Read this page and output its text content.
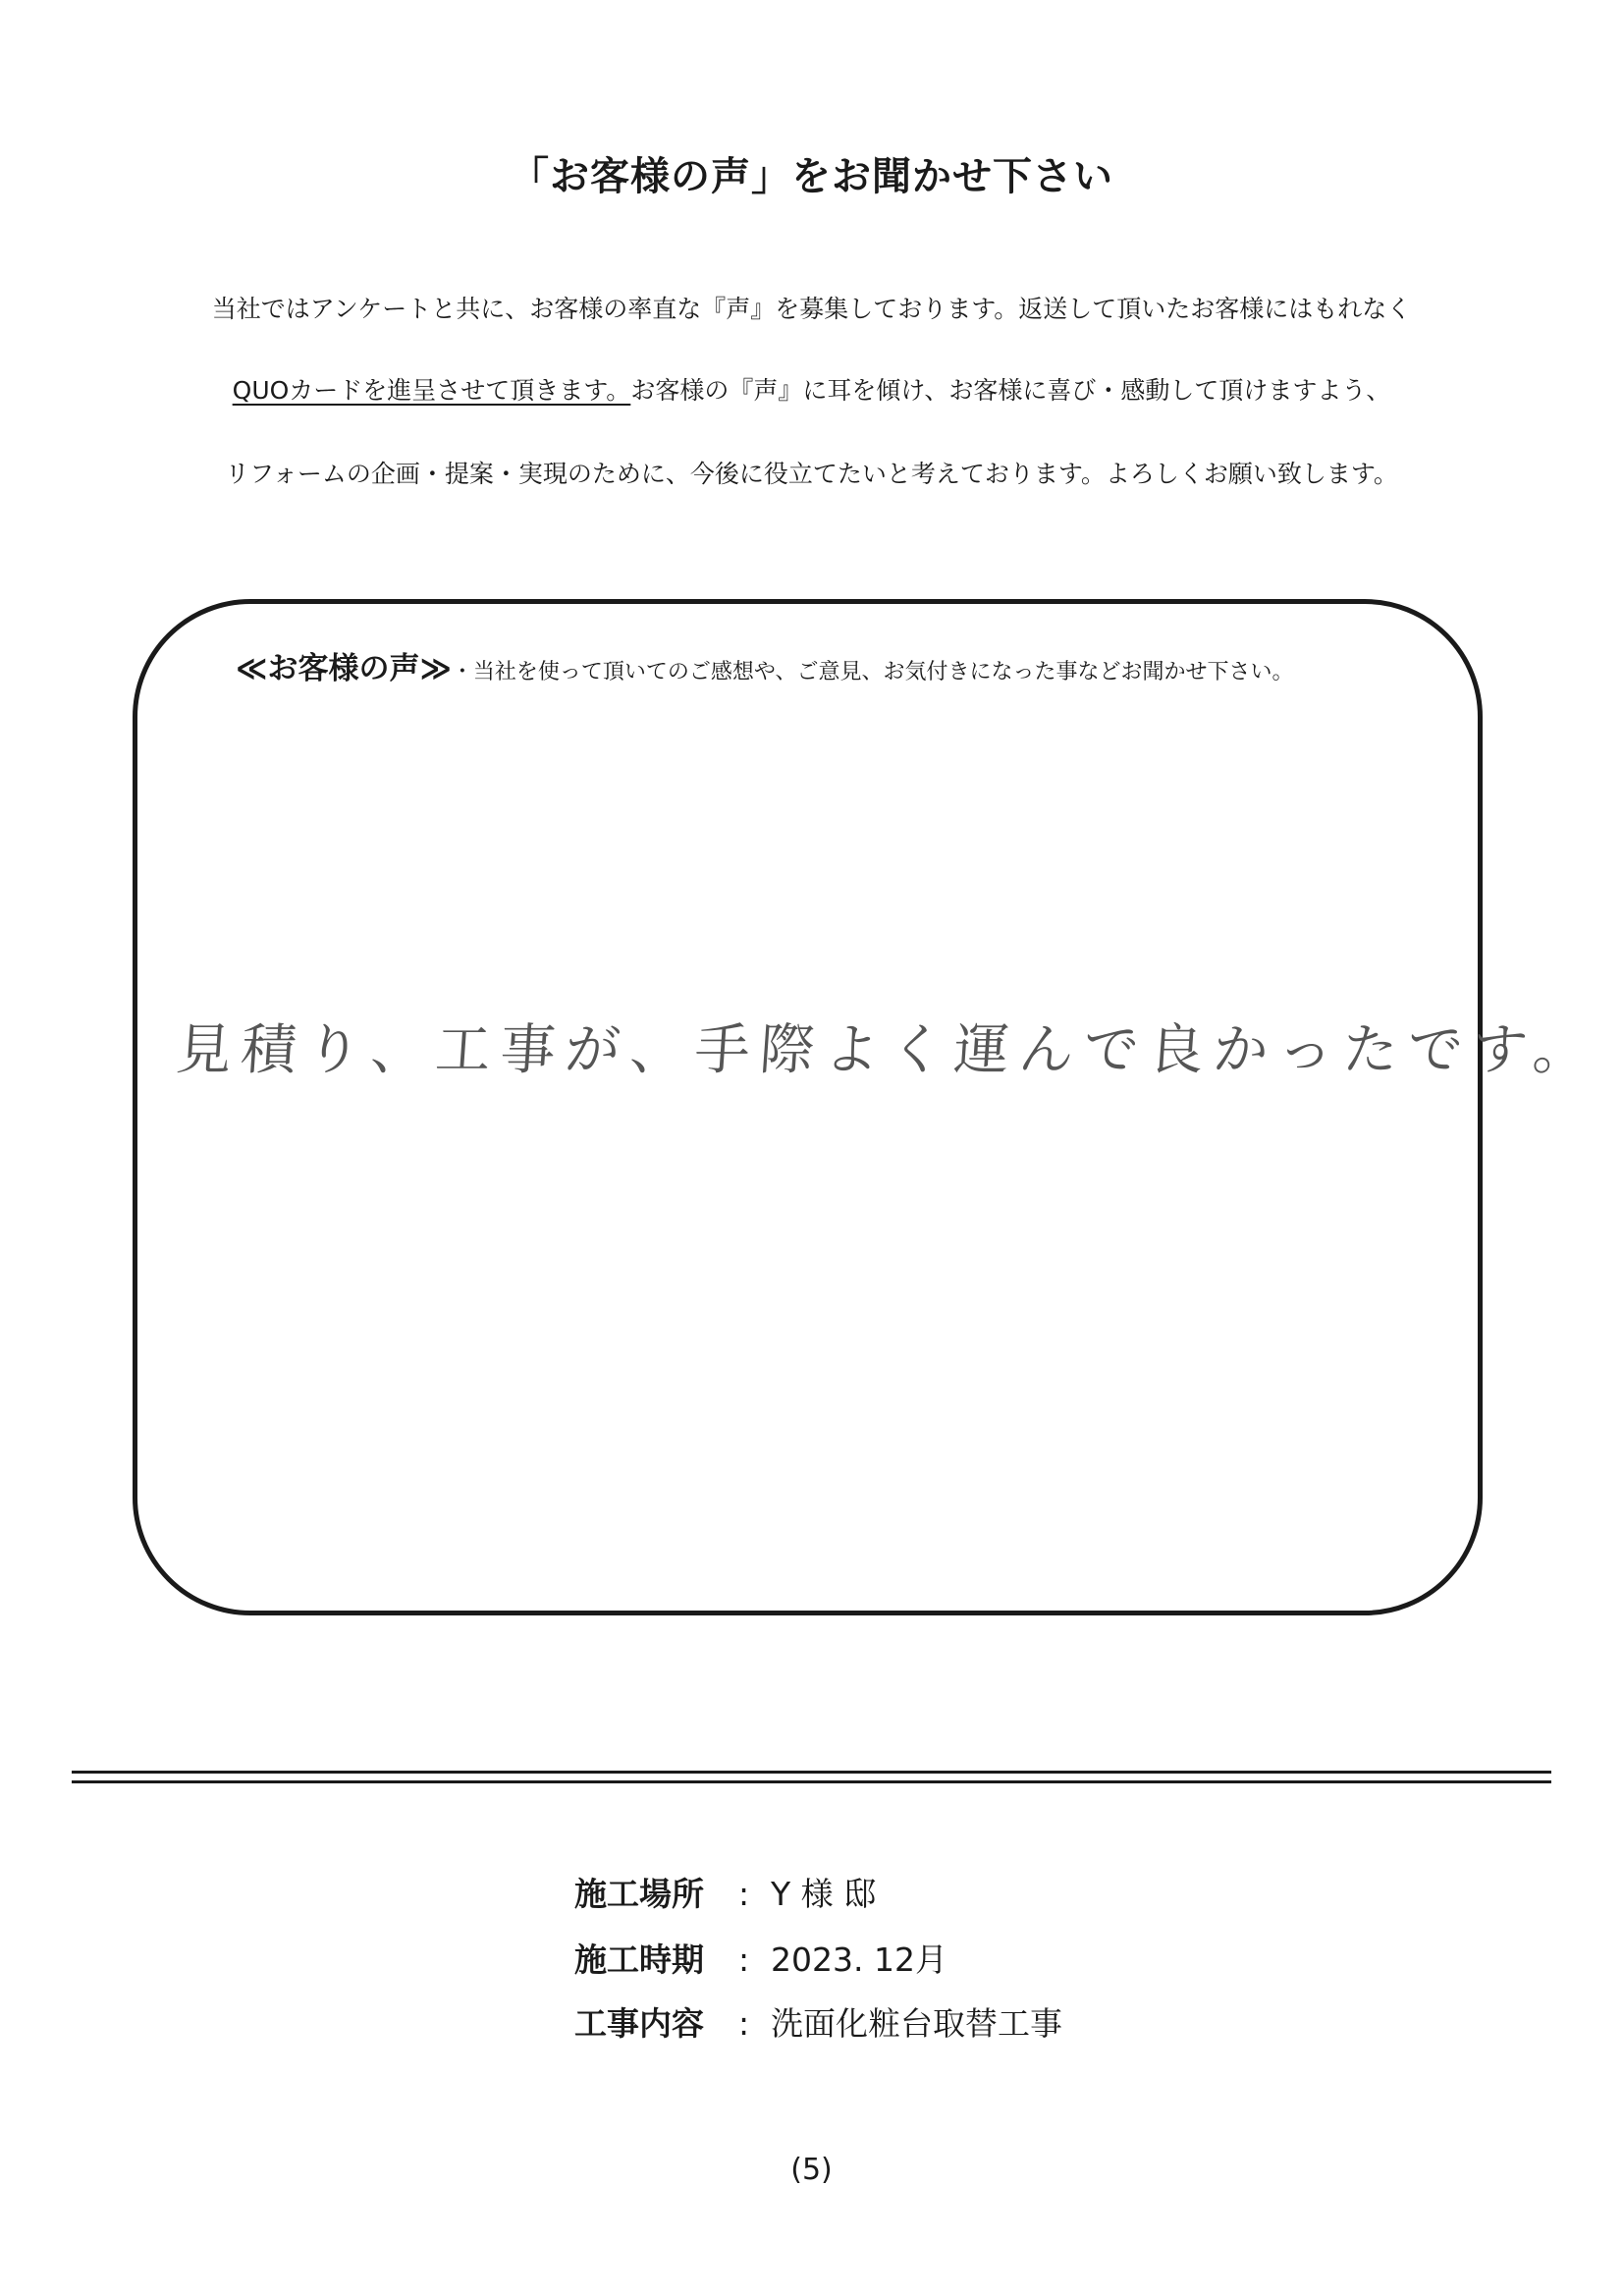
「お客様の声」をお聞かせ下さい
当社ではアンケートと共に、お客様の率直な『声』を募集しております。返送して頂いたお客様にはもれなく
QUOカードを進呈させて頂きます。お客様の『声』に耳を傾け、お客様に喜び・感動して頂けますよう、
リフォームの企画・提案・実現のために、今後に役立てたいと考えております。よろしくお願い致します。
≪お客様の声≫・当社を使って頂いてのご感想や、ご意見、お気付きになった事などお聞かせ下さい。
見積り、工事が、手際よく運んで良かったです。
施工場所 : Y 様 邸
施工時期 : 2023. 12月
工事内容 : 洗面化粧台取替工事
(5)
